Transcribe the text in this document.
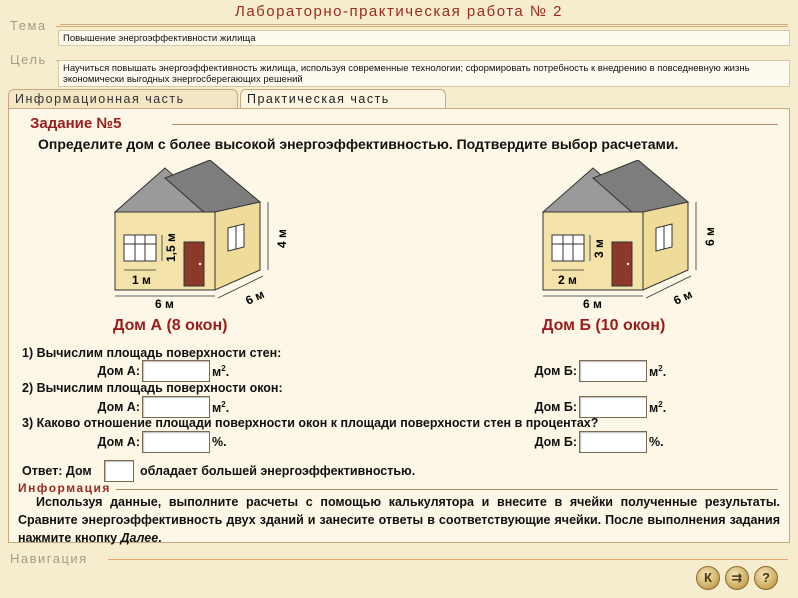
Лабораторно-практическая работа № 2
Тема
Повышение энергоэффективности жилища
Цель
Научиться повышать энергоэффективность жилища, используя современные технологии; сформировать потребность к внедрению в повседневную жизнь экономически выгодных энергосберегающих решений
Информационная часть	Практическая часть
Задание №5
Определите дом с более высокой энергоэффективностью. Подтвердите выбор расчетами.
1 м
1,5 м
6 м	6 м
4 м
Дом А (8 окон)
2 м
3 м
6 м	6 м
6 м
Дом Б (10 окон)
1) Вычислим площадь поверхности стен:
Дом А:	$м^2$.	Дом Б:	$м^2$.
2) Вычислим площадь поверхности окон:
Дом А:	$м^2$.	Дом Б:	$м^2$.
3) Каково отношение площади поверхности окон к площади поверхности стен в процентах?
Дом А:	%.	Дом Б:	%.
Ответ: Дом	обладает большей энергоэффективностью.
Информация
Используя данные, выполните расчеты с помощью калькулятора и внесите в ячейки полученные результаты. Сравните энергоэффективность двух зданий и занесите ответы в соответствующие ячейки. После выполнения задания нажмите кнопку Далее.
Навигация
К	⇉	?
